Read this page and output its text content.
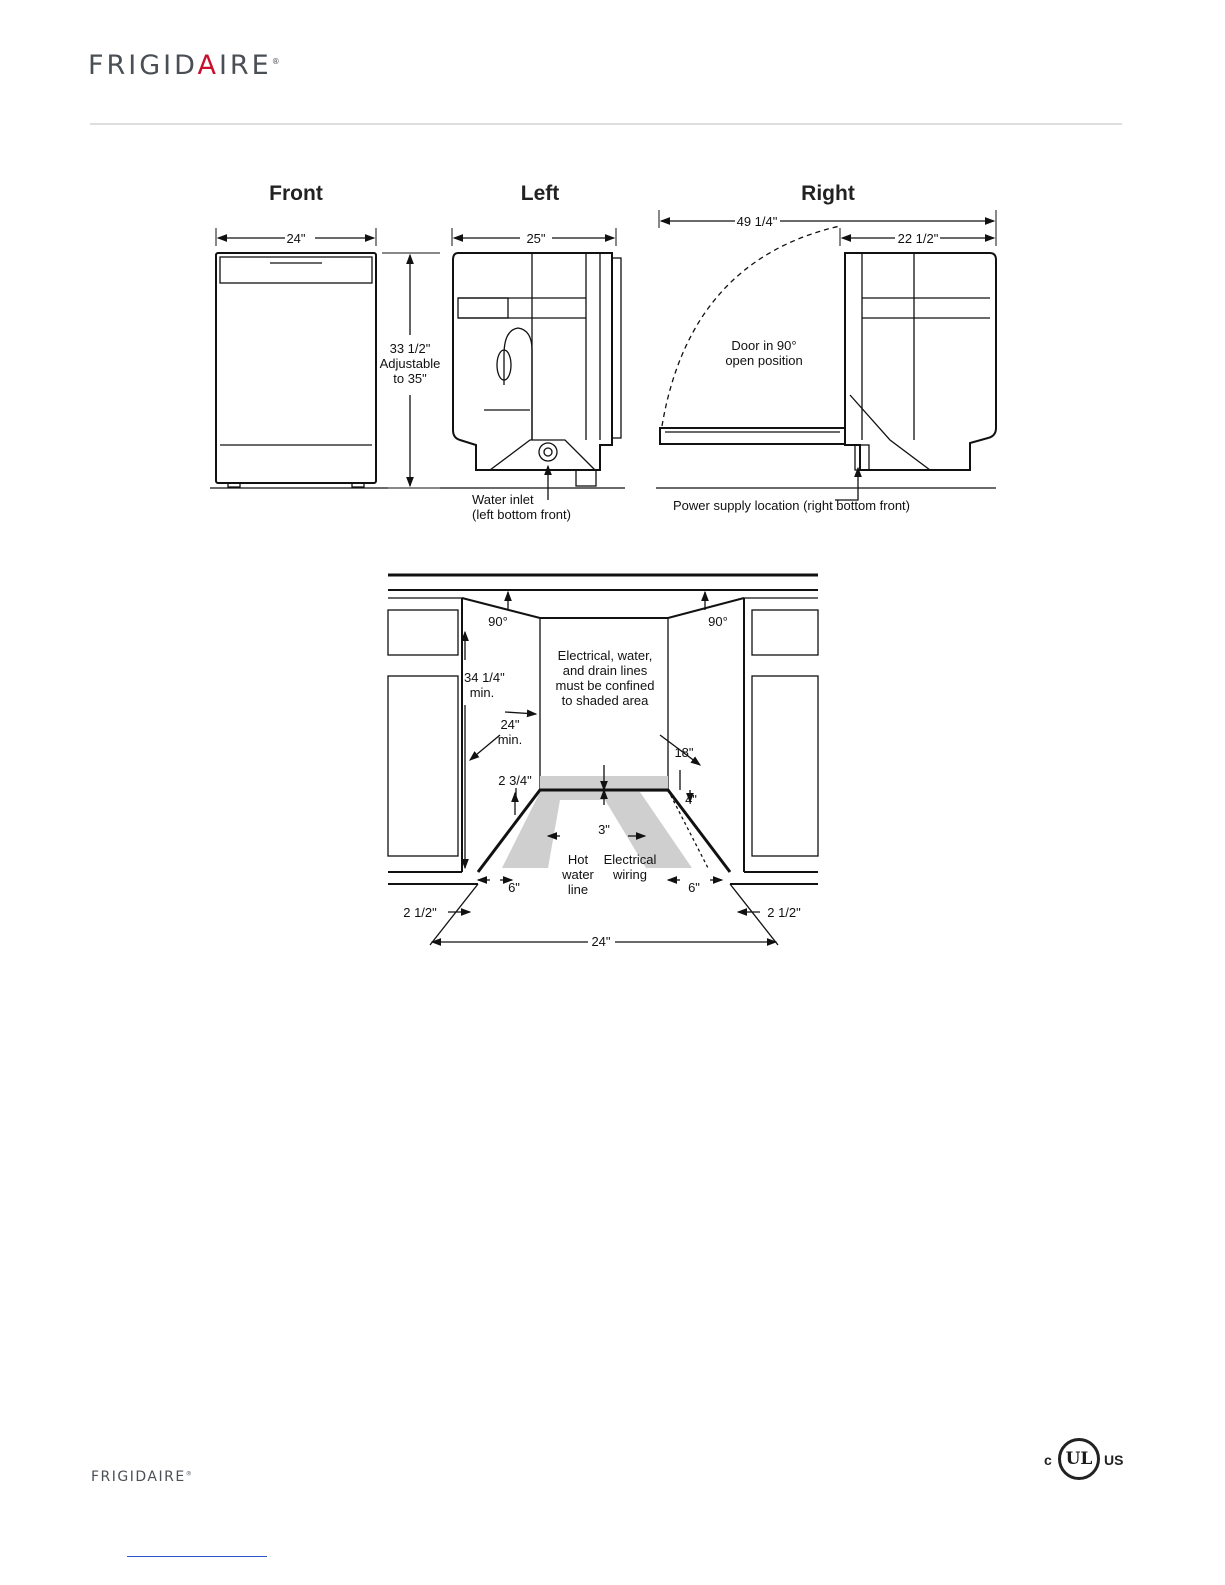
FRIGIDAIRE®
Front	Left	Right
24"
33 1/2"
Adjustable
to 35"
25"
Water inlet
(left bottom front)
49 1/4"
22 1/2"
Door in 90°
open position
Power supply location (right bottom front)
90°	90°
34 1/4"
min.
24"
min.
Electrical, water,
and drain lines
must be confined
to shaded area
18"
4"
2 3/4"
3"
Hot
water
line
Electrical
wiring
6"	6"
2 1/2"	2 1/2"
24"
FRIGIDAIRE®
c UL US
